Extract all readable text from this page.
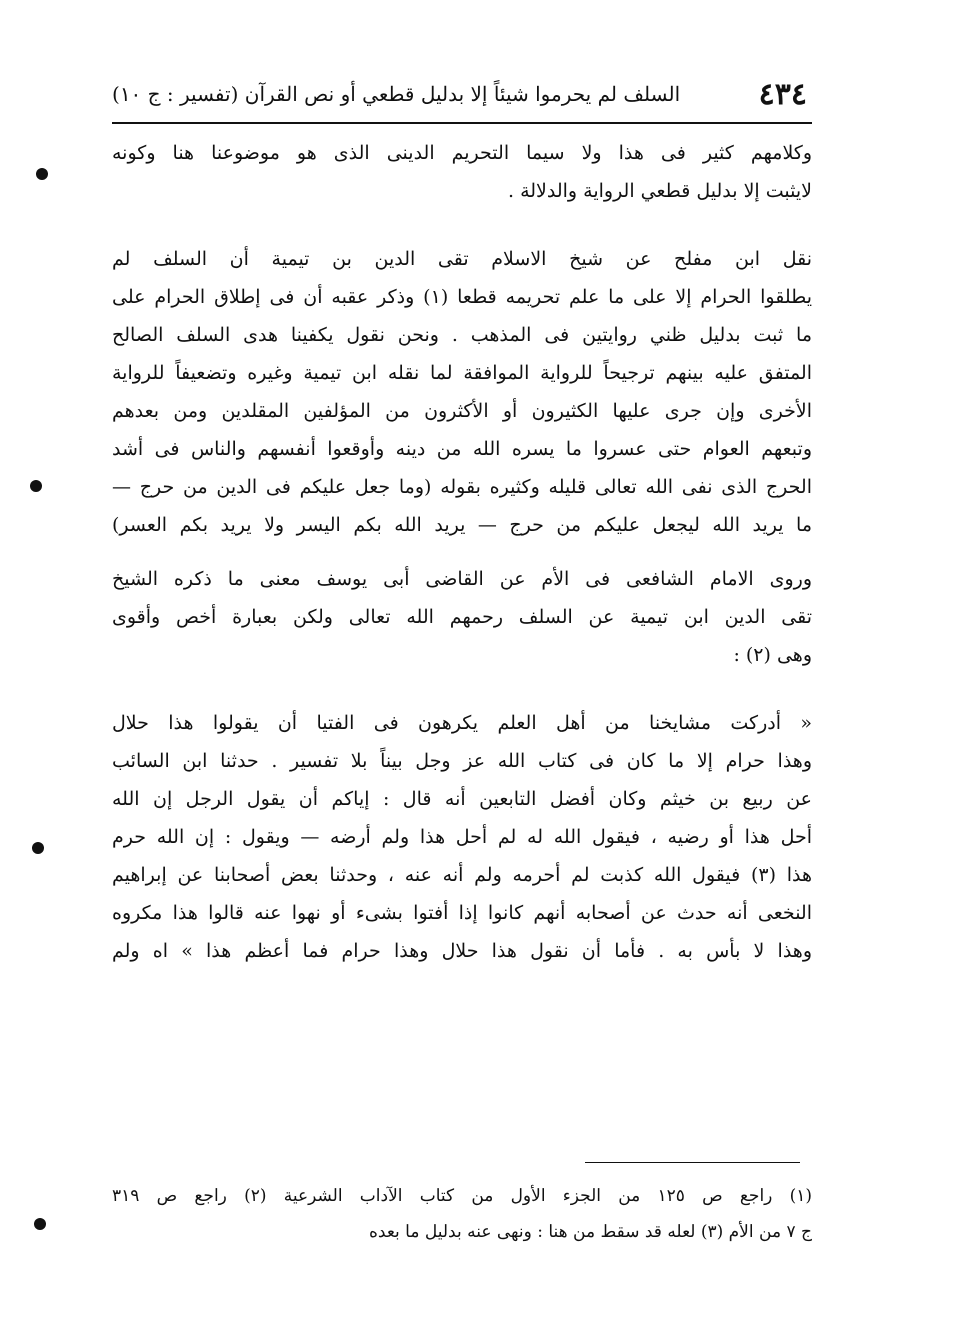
٤٣٤
السلف لم يحرموا شيئاً إلا بدليل قطعي أو نص القرآن (تفسير : ج ١٠)
وكلامهم كثير فى هذا ولا سيما التحريم الدينى الذى هو موضوعنا هنا وكونه
لايثبت إلا بدليل قطعي الرواية والدلالة .
نقل ابن مفلح عن شيخ الاسلام تقى الدين بن تيمية أن السلف لم
يطلقوا الحرام إلا على ما علم تحريمه قطعا (١) وذكر عقبه أن فى إطلاق الحرام على
ما ثبت بدليل ظني روايتين فى المذهب . ونحن نقول يكفينا هدى السلف الصالح
المتفق عليه بينهم ترجيحاً للرواية الموافقة لما نقله ابن تيمية وغيره وتضعيفاً للرواية
الأخرى وإن جرى عليها الكثيرون أو الأكثرون من المؤلفين المقلدين ومن بعدهم
وتبعهم العوام حتى عسروا ما يسره الله من دينه وأوقعوا أنفسهم والناس فى أشد
الحرج الذى نفى الله تعالى قليله وكثيره بقوله (وما جعل عليكم فى الدين من حرج —
ما يريد الله ليجعل عليكم من حرج — يريد الله بكم اليسر ولا يريد بكم العسر)
وروى الامام الشافعى فى الأم عن القاضى أبى يوسف معنى ما ذكره الشيخ
تقى الدين ابن تيمية عن السلف رحمهم الله تعالى ولكن بعبارة أخص وأقوى
وهى (٢) :
« أدركت مشايخنا من أهل العلم يكرهون فى الفتيا أن يقولوا هذا حلال
وهذا حرام إلا ما كان فى كتاب الله عز وجل بيناً بلا تفسير . حدثنا ابن السائب
عن ربيع بن خيثم وكان أفضل التابعين أنه قال : إياكم أن يقول الرجل إن الله
أحل هذا أو رضيه ، فيقول الله له لم أحل هذا ولم أرضه — ويقول : إن الله حرم
هذا (٣) فيقول الله كذبت لم أحرمه ولم أنه عنه ، وحدثنا بعض أصحابنا عن إبراهيم
النخعى أنه حدث عن أصحابه أنهم كانوا إذا أفتوا بشىء أو نهوا عنه قالوا هذا مكروه
وهذا لا بأس به . فأما أن نقول هذا حلال وهذا حرام فما أعظم هذا » اه ولم
(١) راجع ص ١٢٥ من الجزء الأول من كتاب الآداب الشرعية (٢) راجع ص ٣١٩
ج ٧ من الأم (٣) لعله قد سقط من هنا : ونهى عنه بدليل ما بعده
